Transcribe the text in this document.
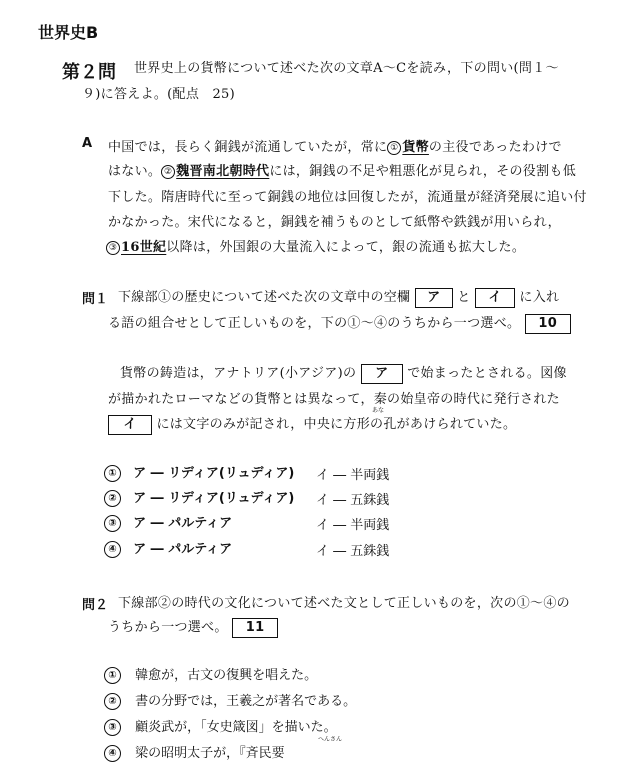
世界史B
第２問 世界史上の貨幣について述べた次の文章A～Cを読み，下の問い(問１～
９)に答えよ。(配点　25)
A 中国では，長らく銅銭が流通していたが，常に ① 貨幣の主役であったわけで
はない。 ② 魏晋南北朝時代には，銅銭の不足や粗悪化が見られ，その役割も低
下した。隋唐時代に至って銅銭の地位は回復したが，流通量が経済発展に追い付
かなかった。宋代になると，銅銭を補うものとして紙幣や鉄銭が用いられ，
③ 16世紀以降は，外国銀の大量流入によって，銀の流通も拡大した。
問１ 下線部①の歴史について述べた次の文章中の空欄 ア と イ に入れ
る語の組合せとして正しいものを，下の①～④のうちから一つ選べ。 10
貨幣の鋳造は，アナトリア(小アジア)の ア で始まったとされる。図像
が描かれたローマなどの貨幣とは異なって，秦の始皇帝の時代に発行された
あな
イ には文字のみが記され，中央に方形の孔があけられていた。
① ア ― リディア(リュディア) イ ― 半両銭
② ア ― リディア(リュディア) イ ― 五銖銭
③ ア ― パルティア	イ ― 半両銭
④ ア ― パルティア	イ ― 五銖銭
問２ 下線部②の時代の文化について述べた文として正しいものを，次の①～④の
うちから一つ選べ。 11
① 韓愈が，古文の復興を唱えた。
② 書の分野では，王羲之が著名である。
③ 顧炎武が，「女史箴図」を描いた。
へんさん
④ 梁の昭明太子が，『斉民要
